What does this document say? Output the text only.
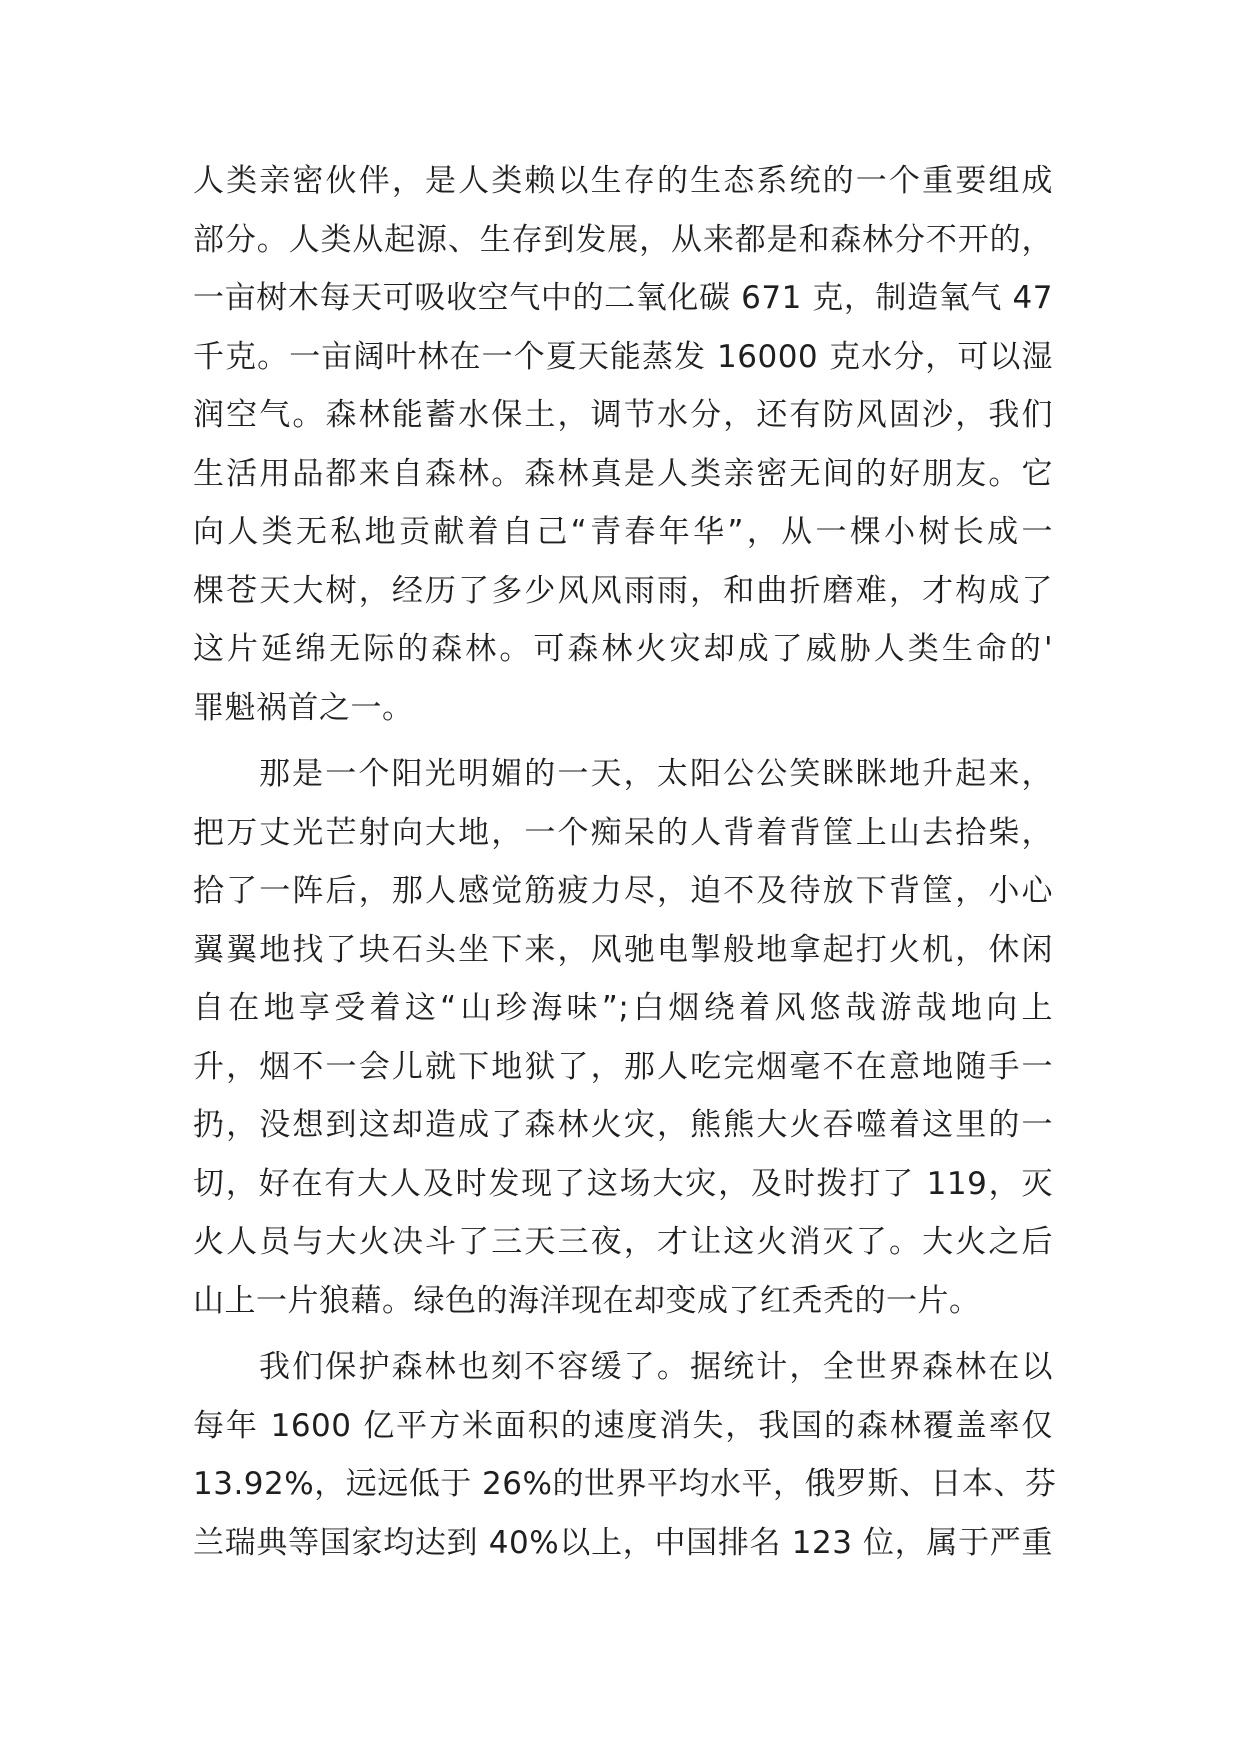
人类亲密伙伴，是人类赖以生存的生态系统的一个重要组成
部分。人类从起源、生存到发展，从来都是和森林分不开的，
一亩树木每天可吸收空气中的二氧化碳 671 克，制造氧气 47
千克。一亩阔叶林在一个夏天能蒸发 16000 克水分，可以湿
润空气。森林能蓄水保土，调节水分，还有防风固沙，我们
生活用品都来自森林。森林真是人类亲密无间的好朋友。它
向人类无私地贡献着自己“青春年华”，从一棵小树长成一
棵苍天大树，经历了多少风风雨雨，和曲折磨难，才构成了
这片延绵无际的森林。可森林火灾却成了威胁人类生命的'
罪魁祸首之一。
那是一个阳光明媚的一天，太阳公公笑眯眯地升起来，
把万丈光芒射向大地，一个痴呆的人背着背筐上山去拾柴，
拾了一阵后，那人感觉筋疲力尽，迫不及待放下背筐，小心
翼翼地找了块石头坐下来，风驰电掣般地拿起打火机，休闲
自在地享受着这“山珍海味”;白烟绕着风悠哉游哉地向上
升，烟不一会儿就下地狱了，那人吃完烟毫不在意地随手一
扔，没想到这却造成了森林火灾，熊熊大火吞噬着这里的一
切，好在有大人及时发现了这场大灾，及时拨打了 119，灭
火人员与大火决斗了三天三夜，才让这火消灭了。大火之后
山上一片狼藉。绿色的海洋现在却变成了红秃秃的一片。
我们保护森林也刻不容缓了。据统计，全世界森林在以
每年 1600 亿平方米面积的速度消失，我国的森林覆盖率仅
13.92%，远远低于 26%的世界平均水平，俄罗斯、日本、芬
兰瑞典等国家均达到 40%以上，中国排名 123 位，属于严重
